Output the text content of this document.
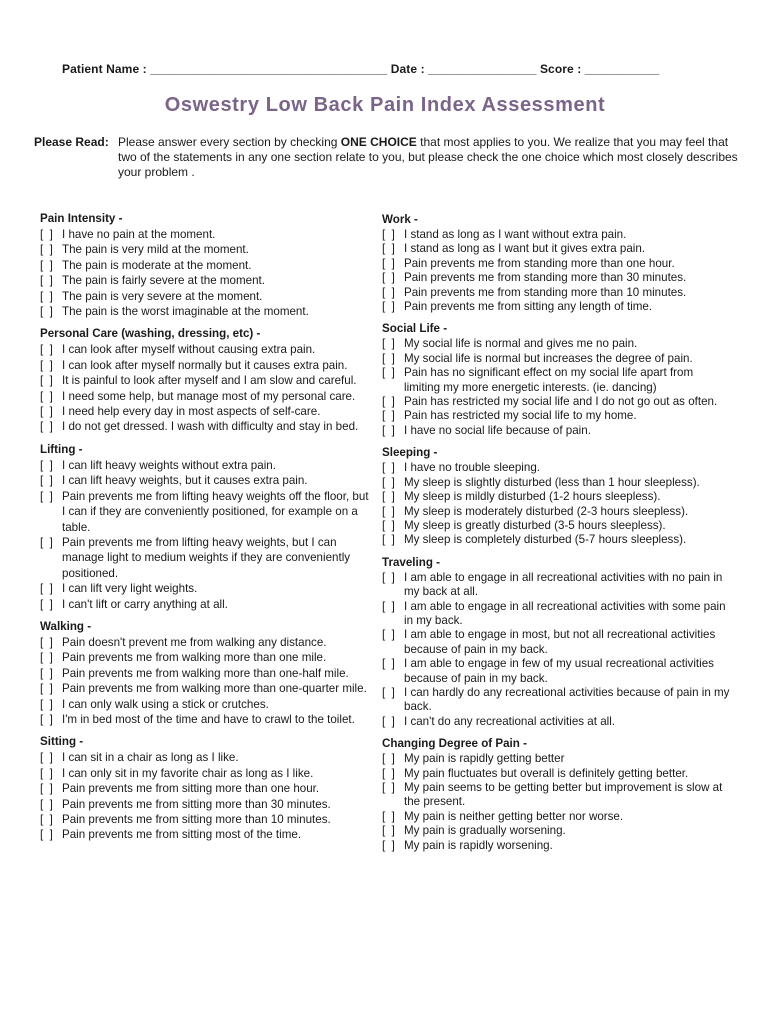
Patient Name : ___________________________________ Date : ________________ Score : ___________
Oswestry Low Back Pain Index Assessment
Please Read: Please answer every section by checking ONE CHOICE that most applies to you. We realize that you may feel that two of the statements in any one section relate to you, but please check the one choice which most closely describes your problem .
Pain Intensity -
[  ] I have no pain at the moment.
[  ] The pain is very mild at the moment.
[  ] The pain is moderate at the moment.
[  ] The pain is fairly severe at the moment.
[  ] The pain is very severe at the moment.
[  ] The pain is the worst imaginable at the moment.
Personal Care (washing, dressing, etc) -
[  ] I can look after myself without causing extra pain.
[  ] I can look after myself normally but it causes extra pain.
[  ] It is painful to look after myself and I am slow and careful.
[  ] I need some help, but manage most of my personal care.
[  ] I need help every day in most aspects of self-care.
[  ] I do not get dressed. I wash with difficulty and stay in bed.
Lifting -
[  ] I can lift heavy weights without extra pain.
[  ] I can lift heavy weights, but it causes extra pain.
[  ] Pain prevents me from lifting heavy weights off the floor, but I can if they are conveniently positioned, for example on a table.
[  ] Pain prevents me from lifting heavy weights, but I can manage light to medium weights if they are conveniently positioned.
[  ] I can lift very light weights.
[  ] I can't lift or carry anything at all.
Walking -
[  ] Pain doesn't prevent me from walking any distance.
[  ] Pain prevents me from walking more than one mile.
[  ] Pain prevents me from walking more than one-half mile.
[  ] Pain prevents me from walking more than one-quarter mile.
[  ] I can only walk using a stick or crutches.
[  ] I'm in bed most of the time and have to crawl to the toilet.
Sitting -
[  ] I can sit in a chair as long as I like.
[  ] I can only sit in my favorite chair as long as I like.
[  ] Pain prevents me from sitting more than one hour.
[  ] Pain prevents me from sitting more than 30 minutes.
[  ] Pain prevents me from sitting more than 10 minutes.
[  ] Pain prevents me from sitting most of the time.
Work -
[  ] I stand as long as I want without extra pain.
[  ] I stand as long as I want but it gives extra pain.
[  ] Pain prevents me from standing more than one hour.
[  ] Pain prevents me from standing more than 30 minutes.
[  ] Pain prevents me from standing more than 10 minutes.
[  ] Pain prevents me from sitting any length of time.
Social Life -
[  ] My social life is normal and gives me no pain.
[  ] My social life is normal but increases the degree of pain.
[  ] Pain has no significant effect on my social life apart from limiting my more energetic interests. (ie. dancing)
[  ] Pain has restricted my social life and I do not go out as often.
[  ] Pain has restricted my social life to my home.
[  ] I have no social life because of pain.
Sleeping -
[  ] I have no trouble sleeping.
[  ] My sleep is slightly disturbed (less than 1 hour sleepless).
[  ] My sleep is mildly disturbed (1-2 hours sleepless).
[  ] My sleep is moderately disturbed (2-3 hours sleepless).
[  ] My sleep is greatly disturbed (3-5 hours sleepless).
[  ] My sleep is completely disturbed (5-7 hours sleepless).
Traveling -
[  ] I am able to engage in all recreational activities with no pain in my back at all.
[  ] I am able to engage in all recreational activities with some pain in my back.
[  ] I am able to engage in most, but not all recreational activities because of pain in my back.
[  ] I am able to engage in few of my usual recreational activities because of pain in my back.
[  ] I can hardly do any recreational activities because of pain in my back.
[  ] I can't do any recreational activities at all.
Changing Degree of Pain -
[  ] My pain is rapidly getting better
[  ] My pain fluctuates but overall is definitely getting better.
[  ] My pain seems to be getting better but improvement is slow at the present.
[  ] My pain is neither getting better nor worse.
[  ] My pain is gradually worsening.
[  ] My pain is rapidly worsening.
